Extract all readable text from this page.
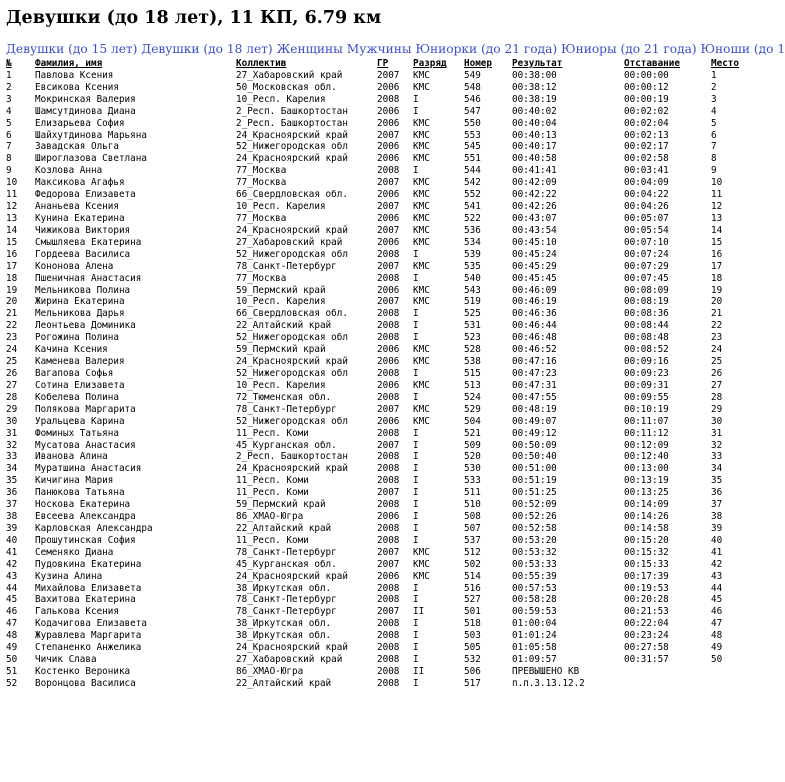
Девушки (до 18 лет), 11 КП, 6.79 км
Девушки (до 15 лет) Девушки (до 18 лет) Женщины Мужчины Юниорки (до 21 года) Юниоры (до 21 года) Юноши (до 1
№	Фамилия, имя	Коллектив	ГР	Разряд Номер Результат	Отставание	Место
1	Павлова Ксения	27_Хабаровский край	2007 КМС	549	00:38:00	00:00:00	1
2	Евсикова Ксения	50_Московская обл.	2006 КМС	548	00:38:12	00:00:12	2
3	Мокринская Валерия	10_Респ. Карелия	2008 I	546	00:38:19	00:00:19	3
4	Шамсутдинова Диана	2_Респ. Башкортостан	2006 I	547	00:40:02	00:02:02	4
5	Елизарьева София	2_Респ. Башкортостан	2006 КМС	550	00:40:04	00:02:04	5
6	Шайхутдинова Марьяна	24_Красноярский край	2007 КМС	553	00:40:13	00:02:13	6
7	Завадская Ольга	52_Нижегородская обл	2006 КМС	545	00:40:17	00:02:17	7
8	Широглазова Светлана	24_Красноярский край	2006 КМС	551	00:40:58	00:02:58	8
9	Козлова Анна	77_Москва	2008 I	544	00:41:41	00:03:41	9
10 Максикова Агафья	77_Москва	2007 КМС	542	00:42:09	00:04:09	10
11 Федорова Елизавета	66_Свердловская обл.	2006 КМС	552	00:42:22	00:04:22	11
12 Ананьева Ксения	10_Респ. Карелия	2007 КМС	541	00:42:26	00:04:26	12
13 Кунина Екатерина	77_Москва	2006 КМС	522	00:43:07	00:05:07	13
14 Чижикова Виктория	24_Красноярский край	2007 КМС	536	00:43:54	00:05:54	14
15 Смышляева Екатерина	27_Хабаровский край	2006 КМС	534	00:45:10	00:07:10	15
16 Гордеева Василиса	52_Нижегородская обл	2008 I	539	00:45:24	00:07:24	16
17 Кононова Алена	78_Санкт-Петербург	2007 КМС	535	00:45:29	00:07:29	17
18 Пшеничная Анастасия	77_Москва	2008 I	540	00:45:45	00:07:45	18
19 Мельникова Полина	59_Пермский край	2006 КМС	543	00:46:09	00:08:09	19
20 Жирина Екатерина	10_Респ. Карелия	2007 КМС	519	00:46:19	00:08:19	20
21 Мельникова Дарья	66_Свердловская обл.	2008 I	525	00:46:36	00:08:36	21
22 Леонтьева Доминика	22_Алтайский край	2008 I	531	00:46:44	00:08:44	22
23 Рогожина Полина	52_Нижегородская обл	2008 I	523	00:46:48	00:08:48	23
24 Качина Ксения	59_Пермский край	2006 КМС	528	00:46:52	00:08:52	24
25 Каменева Валерия	24_Красноярский край	2006 КМС	538	00:47:16	00:09:16	25
26 Вагапова Софья	52_Нижегородская обл	2008 I	515	00:47:23	00:09:23	26
27 Сотина Елизавета	10_Респ. Карелия	2006 КМС	513	00:47:31	00:09:31	27
28 Кобелева Полина	72_Тюменская обл.	2008 I	524	00:47:55	00:09:55	28
29 Полякова Маргарита	78_Санкт-Петербург	2007 КМС	529	00:48:19	00:10:19	29
30 Уральцева Карина	52_Нижегородская обл	2006 КМС	504	00:49:07	00:11:07	30
31 Фоминых Татьяна	11_Респ. Коми	2008 I	521	00:49:12	00:11:12	31
32 Мусатова Анастасия	45_Курганская обл.	2007 I	509	00:50:09	00:12:09	32
33 Иванова Алина	2_Респ. Башкортостан	2008 I	520	00:50:40	00:12:40	33
34 Муратшина Анастасия	24_Красноярский край	2008 I	530	00:51:00	00:13:00	34
35 Кичигина Мария	11_Респ. Коми	2008 I	533	00:51:19	00:13:19	35
36 Панюкова Татьяна	11_Респ. Коми	2007 I	511	00:51:25	00:13:25	36
37 Носкова Екатерина	59_Пермский край	2008 I	510	00:52:09	00:14:09	37
38 Евсеева Александра	86_ХМАО-Югра	2006 I	508	00:52:26	00:14:26	38
39 Карловская Александра	22_Алтайский край	2008 I	507	00:52:58	00:14:58	39
40 Прошутинская София	11_Респ. Коми	2008 I	537	00:53:20	00:15:20	40
41 Семеняко Диана	78_Санкт-Петербург	2007 КМС	512	00:53:32	00:15:32	41
42 Пудовкина Екатерина	45_Курганская обл.	2007 КМС	502	00:53:33	00:15:33	42
43 Кузина Алина	24_Красноярский край	2006 КМС	514	00:55:39	00:17:39	43
44 Михайлова Елизавета	38_Иркутская обл.	2008 I	516	00:57:53	00:19:53	44
45 Вахитова Екатерина	78_Санкт-Петербург	2008 I	527	00:58:28	00:20:28	45
46 Галькова Ксения	78_Санкт-Петербург	2007 II	501	00:59:53	00:21:53	46
47 Кодачигова Елизавета	38_Иркутская обл.	2008 I	518	01:00:04	00:22:04	47
48 Журавлева Маргарита	38_Иркутская обл.	2008 I	503	01:01:24	00:23:24	48
49 Степаненко Анжелика	24_Красноярский край	2008 I	505	01:05:58	00:27:58	49
50 Чичик Слава	27_Хабаровский край	2008 I	532	01:09:57	00:31:57	50
51 Костенко Вероника	86_ХМАО-Югра	2008 II	506	ПРЕВЫШЕНО КВ
52 Воронцова Василиса	22_Алтайский край	2008 I	517	п.п.3.13.12.2
